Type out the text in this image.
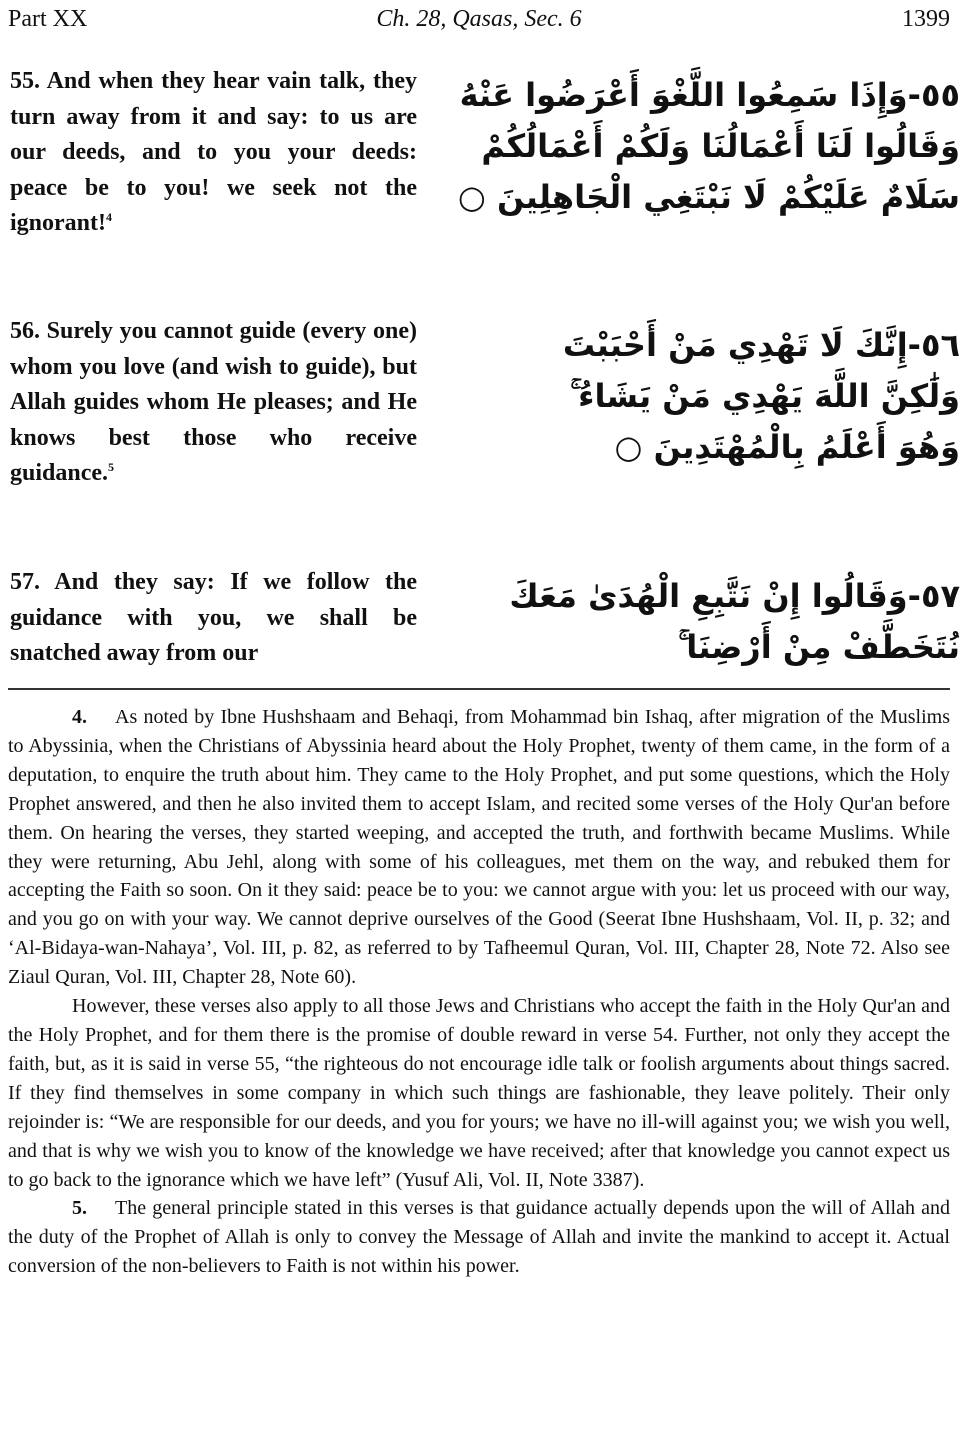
Part XX	Ch. 28, Qasas, Sec. 6	1399
55. And when they hear vain talk, they turn away from it and say: to us are our deeds, and to you your deeds: peace be to you! we seek not the ignorant!$^4$
٥٥-وَإِذَا سَمِعُوا اللَّغْوَ أَعْرَضُوا عَنْهُ
وَقَالُوا لَنَا أَعْمَالُنَا وَلَكُمْ أَعْمَالُكُمْ
سَلَامٌ عَلَيْكُمْ لَا نَبْتَغِي الْجَاهِلِينَ ○
56. Surely you cannot guide (every one) whom you love (and wish to guide), but Allah guides whom He pleases; and He knows best those who receive guidance.$^5$
٥٦-إِنَّكَ لَا تَهْدِي مَنْ أَحْبَبْتَ
وَلَٰكِنَّ اللَّهَ يَهْدِي مَنْ يَشَاءُ ۚ
وَهُوَ أَعْلَمُ بِالْمُهْتَدِينَ ○
57. And they say: If we follow the guidance with you, we shall be snatched away from our
٥٧-وَقَالُوا إِنْ نَتَّبِعِ الْهُدَىٰ مَعَكَ
نُتَخَطَّفْ مِنْ أَرْضِنَا ۚ

4. As noted by Ibne Hushshaam and Behaqi, from Mohammad bin Ishaq, after migration of the Muslims to Abyssinia, when the Christians of Abyssinia heard about the Holy Prophet, twenty of them came, in the form of a deputation, to enquire the truth about him. They came to the Holy Prophet, and put some questions, which the Holy Prophet answered, and then he also invited them to accept Islam, and recited some verses of the Holy Qur'an before them. On hearing the verses, they started weeping, and accepted the truth, and forthwith became Muslims. While they were returning, Abu Jehl, along with some of his colleagues, met them on the way, and rebuked them for accepting the Faith so soon. On it they said: peace be to you: we cannot argue with you: let us proceed with our way, and you go on with your way. We cannot deprive ourselves of the Good (Seerat Ibne Hushshaam, Vol. II, p. 32; and ‘Al-Bidaya-wan-Nahaya’, Vol. III, p. 82, as referred to by Tafheemul Quran, Vol. III, Chapter 28, Note 72. Also see Ziaul Quran, Vol. III, Chapter 28, Note 60).

However, these verses also apply to all those Jews and Christians who accept the faith in the Holy Qur'an and the Holy Prophet, and for them there is the promise of double reward in verse 54. Further, not only they accept the faith, but, as it is said in verse 55, “the righteous do not encourage idle talk or foolish arguments about things sacred. If they find themselves in some company in which such things are fashionable, they leave politely. Their only rejoinder is: “We are responsible for our deeds, and you for yours; we have no ill-will against you; we wish you well, and that is why we wish you to know of the knowledge we have received; after that knowledge you cannot expect us to go back to the ignorance which we have left” (Yusuf Ali, Vol. II, Note 3387).

5. The general principle stated in this verses is that guidance actually depends upon the will of Allah and the duty of the Prophet of Allah is only to convey the Message of Allah and invite the mankind to accept it. Actual conversion of the non-believers to Faith is not within his power.
